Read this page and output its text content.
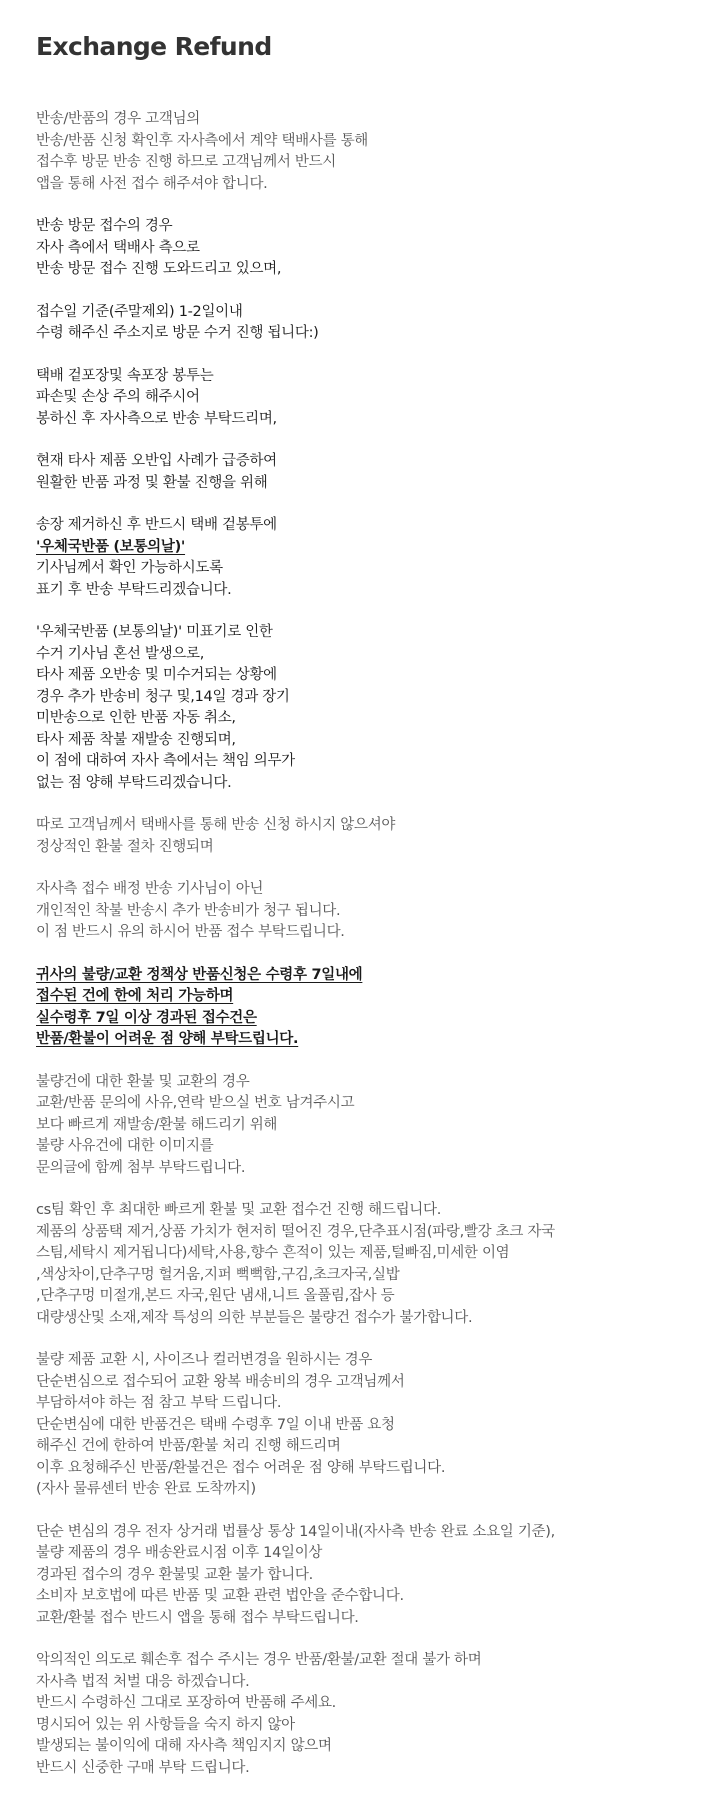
Exchange Refund
반송/반품의 경우 고객님의
반송/반품 신청 확인후 자사측에서 계약 택배사를 통해
접수후 방문 반송 진행 하므로 고객님께서 반드시
앱을 통해 사전 접수 해주셔야 합니다.
반송 방문 접수의 경우
자사 측에서 택배사 측으로
반송 방문 접수 진행 도와드리고 있으며,
접수일 기준(주말제외) 1-2일이내
수령 해주신 주소지로 방문 수거 진행 됩니다:)
택배 겉포장및 속포장 봉투는
파손및 손상 주의 해주시어
봉하신 후 자사측으로 반송 부탁드리며,
현재 타사 제품 오반입 사례가 급증하여
원활한 반품 과정 및 환불 진행을 위해
송장 제거하신 후 반드시 택배 겉봉투에
'우체국반품 (보통의날)'
기사님께서 확인 가능하시도록
표기 후 반송 부탁드리겠습니다.
'우체국반품 (보통의날)' 미표기로 인한
수거 기사님 혼선 발생으로,
타사 제품 오반송 및 미수거되는 상황에
경우 추가 반송비 청구 및,14일 경과 장기
미반송으로 인한 반품 자동 취소,
타사 제품 착불 재발송 진행되며,
이 점에 대하여 자사 측에서는 책임 의무가
없는 점 양해 부탁드리겠습니다.
따로 고객님께서 택배사를 통해 반송 신청 하시지 않으셔야
정상적인 환불 절차 진행되며
자사측 접수 배정 반송 기사님이 아닌
개인적인 착불 반송시 추가 반송비가 청구 됩니다.
이 점 반드시 유의 하시어 반품 접수 부탁드립니다.
귀사의 불량/교환 정책상 반품신청은 수령후 7일내에
접수된 건에 한에 처리 가능하며
실수령후 7일 이상 경과된 접수건은
반품/환불이 어려운 점 양해 부탁드립니다.
불량건에 대한 환불 및 교환의 경우
교환/반품 문의에 사유,연락 받으실 번호 남겨주시고
보다 빠르게 재발송/환불 해드리기 위해
불량 사유건에 대한 이미지를
문의글에 함께 첨부 부탁드립니다.
cs팀 확인 후 최대한 빠르게 환불 및 교환 접수건 진행 해드립니다.
제품의 상품택 제거,상품 가치가 현저히 떨어진 경우,단추표시점(파랑,빨강 초크 자국
스팀,세탁시 제거됩니다)세탁,사용,향수 흔적이 있는 제품,털빠짐,미세한 이염
,색상차이,단추구멍 헐거움,지퍼 뻑뻑함,구김,초크자국,실밥
,단추구멍 미절개,본드 자국,원단 냄새,니트 올풀림,잡사 등
대량생산및 소재,제작 특성의 의한 부분들은 불량건 접수가 불가합니다.
불량 제품 교환 시, 사이즈나 컬러변경을 원하시는 경우
단순변심으로 접수되어 교환 왕복 배송비의 경우 고객님께서
부담하셔야 하는 점 참고 부탁 드립니다.
단순변심에 대한 반품건은 택배 수령후 7일 이내 반품 요청
해주신 건에 한하여 반품/환불 처리 진행 해드리며
이후 요청해주신 반품/환불건은 접수 어려운 점 양해 부탁드립니다.
(자사 물류센터 반송 완료 도착까지)
단순 변심의 경우 전자 상거래 법률상 통상 14일이내(자사측 반송 완료 소요일 기준),
불량 제품의 경우 배송완료시점 이후 14일이상
경과된 접수의 경우 환불및 교환 불가 합니다.
소비자 보호법에 따른 반품 및 교환 관련 법안을 준수합니다.
교환/환불 접수 반드시 앱을 통해 접수 부탁드립니다.
악의적인 의도로 훼손후 접수 주시는 경우 반품/환불/교환 절대 불가 하며
자사측 법적 처벌 대응 하겠습니다.
반드시 수령하신 그대로 포장하여 반품해 주세요.
명시되어 있는 위 사항들을 숙지 하지 않아
발생되는 불이익에 대해 자사측 책임지지 않으며
반드시 신중한 구매 부탁 드립니다.
